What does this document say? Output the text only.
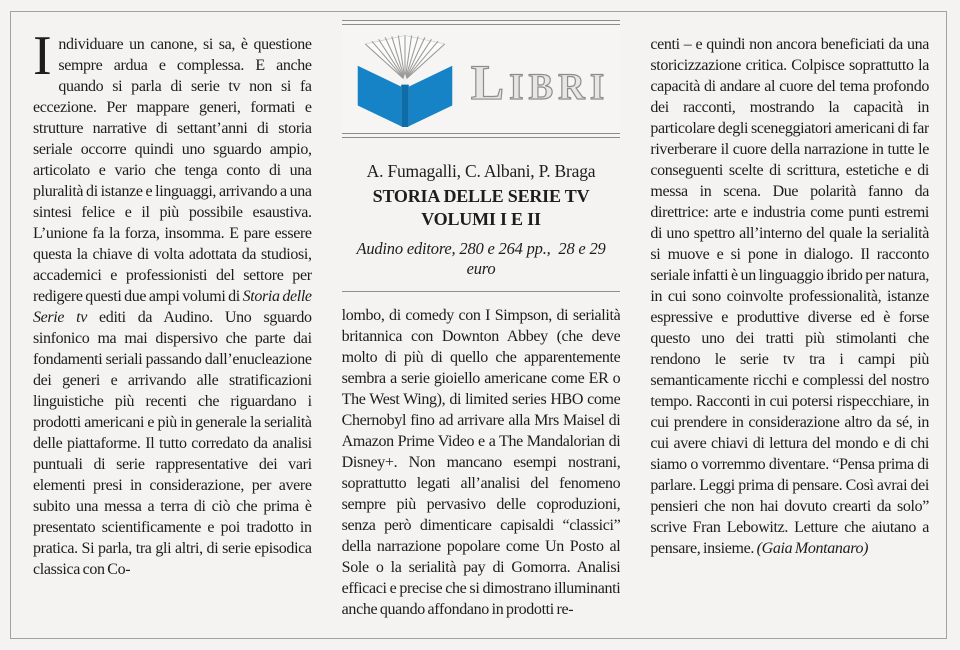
Individuare un canone, si sa, è questione sempre ardua e complessa. E anche quando si parla di serie tv non si fa eccezione. Per mappare generi, formati e strutture narrative di settant’anni di storia seriale occorre quindi uno sguardo ampio, articolato e vario che tenga conto di una pluralità di istanze e linguaggi, arrivando a una sintesi felice e il più possibile esaustiva. L’unione fa la forza, insomma. E pare essere questa la chiave di volta adottata da studiosi, accademici e professionisti del settore per redigere questi due ampi volumi di Storia delle Serie tv editi da Audino. Uno sguardo sinfonico ma mai dispersivo che parte dai fondamenti seriali passando dall’enucleazione dei generi e arrivando alle stratificazioni linguistiche più recenti che riguardano i prodotti americani e più in generale la serialità delle piattaforme. Il tutto corredato da analisi puntuali di serie rappresentative dei vari elementi presi in considerazione, per avere subito una messa a terra di ciò che prima è presentato scientificamente e poi tradotto in pratica. Si parla, tra gli altri, di serie episodica classica con Co-

LIBRI
A. Fumagalli, C. Albani, P. Braga
STORIA DELLE SERIE TV
VOLUMI I E II
Audino editore, 280 e 264 pp.,  28 e 29 euro

lombo, di comedy con I Simpson, di serialità britannica con Downton Abbey (che deve molto di più di quello che apparentemente sembra a serie gioiello americane come ER o The West Wing), di limited series HBO come Chernobyl fino ad arrivare alla Mrs Maisel di Amazon Prime Video e a The Mandalorian di Disney+. Non mancano esempi nostrani, soprattutto legati all’analisi del fenomeno sempre più pervasivo delle coproduzioni, senza però dimenticare capisaldi “classici” della narrazione popolare come Un Posto al Sole o la serialità pay di Gomorra. Analisi efficaci e precise che si dimostrano illuminanti anche quando affondano in prodotti re-

centi – e quindi non ancora beneficiati da una storicizzazione critica. Colpisce soprattutto la capacità di andare al cuore del tema profondo dei racconti, mostrando la capacità in particolare degli sceneggiatori americani di far riverberare il cuore della narrazione in tutte le conseguenti scelte di scrittura, estetiche e di messa in scena. Due polarità fanno da direttrice: arte e industria come punti estremi di uno spettro all’interno del quale la serialità si muove e si pone in dialogo. Il racconto seriale infatti è un linguaggio ibrido per natura, in cui sono coinvolte professionalità, istanze espressive e produttive diverse ed è forse questo uno dei tratti più stimolanti che rendono le serie tv tra i campi più semanticamente ricchi e complessi del nostro tempo. Racconti in cui potersi rispecchiare, in cui prendere in considerazione altro da sé, in cui avere chiavi di lettura del mondo e di chi siamo o vorremmo diventare. “Pensa prima di parlare. Leggi prima di pensare. Così avrai dei pensieri che non hai dovuto crearti da solo” scrive Fran Lebowitz. Letture che aiutano a pensare, insieme. (Gaia Montanaro)
